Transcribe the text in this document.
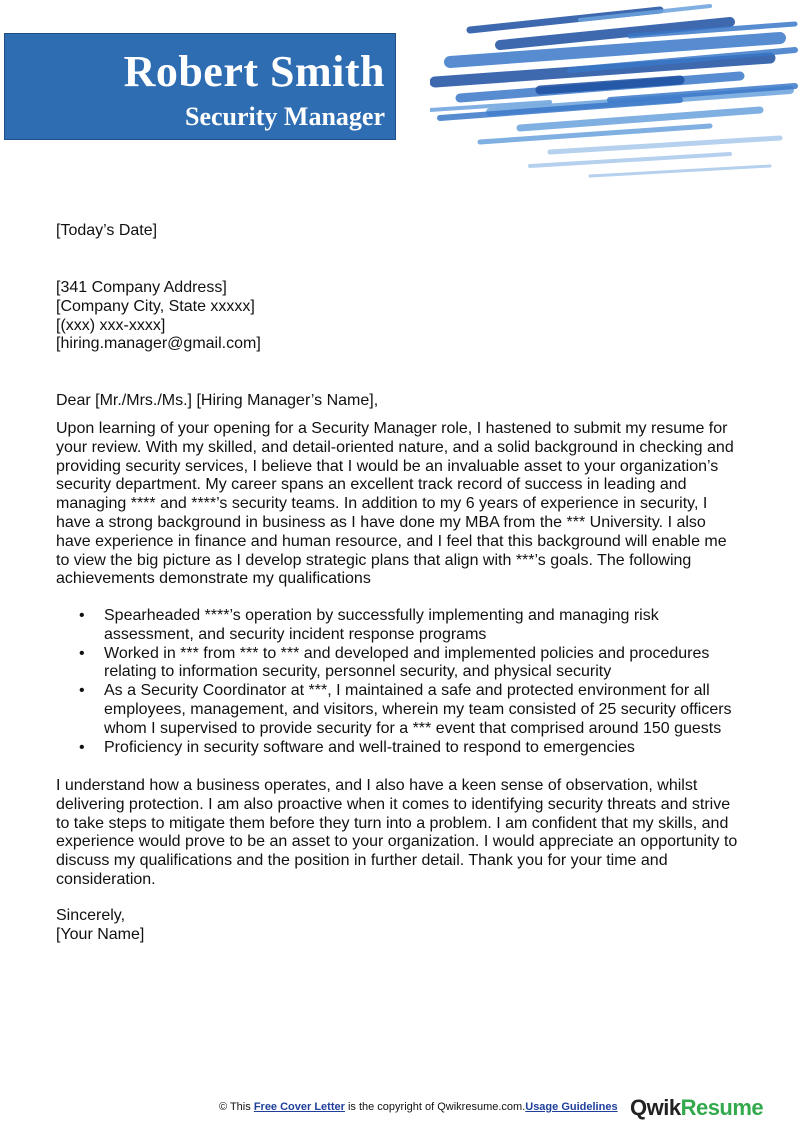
Robert Smith
Security Manager
[Today’s Date]

[341 Company Address]

[Company City, State xxxxx]

[(xxx) xxx-xxxx]

[hiring.manager@gmail.com]

Dear [Mr./Mrs./Ms.] [Hiring Manager’s Name],

Upon learning of your opening for a Security Manager role, I hastened to submit my resume for

your review. With my skilled, and detail-oriented nature, and a solid background in checking and

providing security services, I believe that I would be an invaluable asset to your organization’s

security department. My career spans an excellent track record of success in leading and

managing **** and ****’s security teams. In addition to my 6 years of experience in security, I

have a strong background in business as I have done my MBA from the *** University. I also

have experience in finance and human resource, and I feel that this background will enable me

to view the big picture as I develop strategic plans that align with ***’s goals. The following

achievements demonstrate my qualifications

• Spearheaded ****’s operation by successfully implementing and managing risk
assessment, and security incident response programs
• Worked in *** from *** to *** and developed and implemented policies and procedures
relating to information security, personnel security, and physical security
• As a Security Coordinator at ***, I maintained a safe and protected environment for all
employees, management, and visitors, wherein my team consisted of 25 security officers
whom I supervised to provide security for a *** event that comprised around 150 guests
• Proficiency in security software and well-trained to respond to emergencies

I understand how a business operates, and I also have a keen sense of observation, whilst

delivering protection. I am also proactive when it comes to identifying security threats and strive

to take steps to mitigate them before they turn into a problem. I am confident that my skills, and

experience would prove to be an asset to your organization. I would appreciate an opportunity to

discuss my qualifications and the position in further detail. Thank you for your time and

consideration.

Sincerely,

[Your Name]

© This Free Cover Letter is the copyright of Qwikresume.com.Usage Guidelines QwikResume
